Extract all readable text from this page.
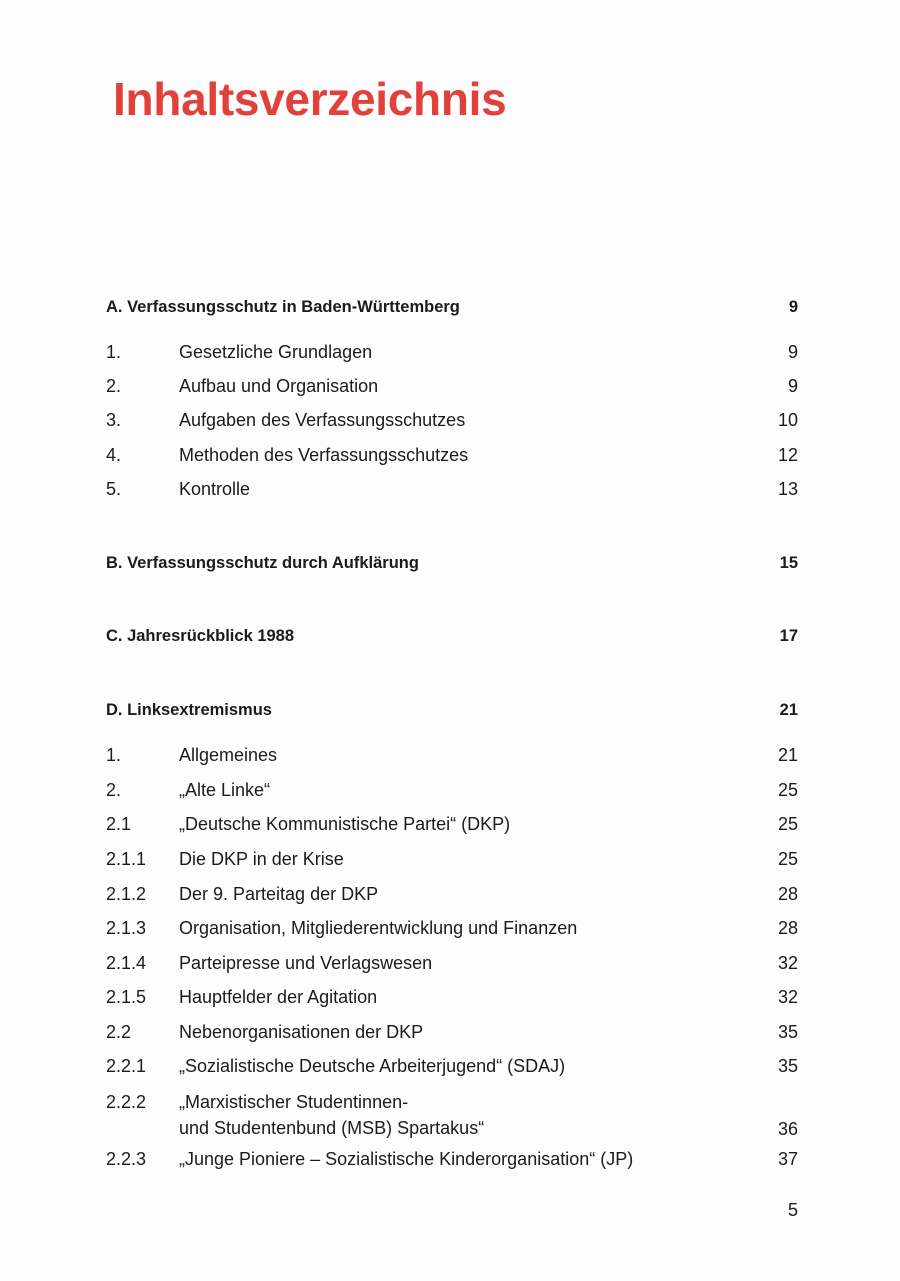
Inhaltsverzeichnis
A. Verfassungsschutz in Baden-Württemberg	9
1.	Gesetzliche Grundlagen	9
2.	Aufbau und Organisation	9
3.	Aufgaben des Verfassungsschutzes	10
4.	Methoden des Verfassungsschutzes	12
5.	Kontrolle	13
B. Verfassungsschutz durch Aufklärung	15
C. Jahresrückblick 1988	17
D. Linksextremismus	21
1.	Allgemeines	21
2.	„Alte Linke“	25
2.1	„Deutsche Kommunistische Partei“ (DKP)	25
2.1.1 Die DKP in der Krise	25
2.1.2 Der 9. Parteitag der DKP	28
2.1.3 Organisation, Mitgliederentwicklung und Finanzen	28
2.1.4 Parteipresse und Verlagswesen	32
2.1.5 Hauptfelder der Agitation	32
2.2	Nebenorganisationen der DKP	35
2.2.1 „Sozialistische Deutsche Arbeiterjugend“ (SDAJ)	35
2.2.2 „Marxistischer Studentinnen-
und Studentenbund (MSB) Spartakus“	36
2.2.3 „Junge Pioniere – Sozialistische Kinderorganisation“ (JP)	37
5
